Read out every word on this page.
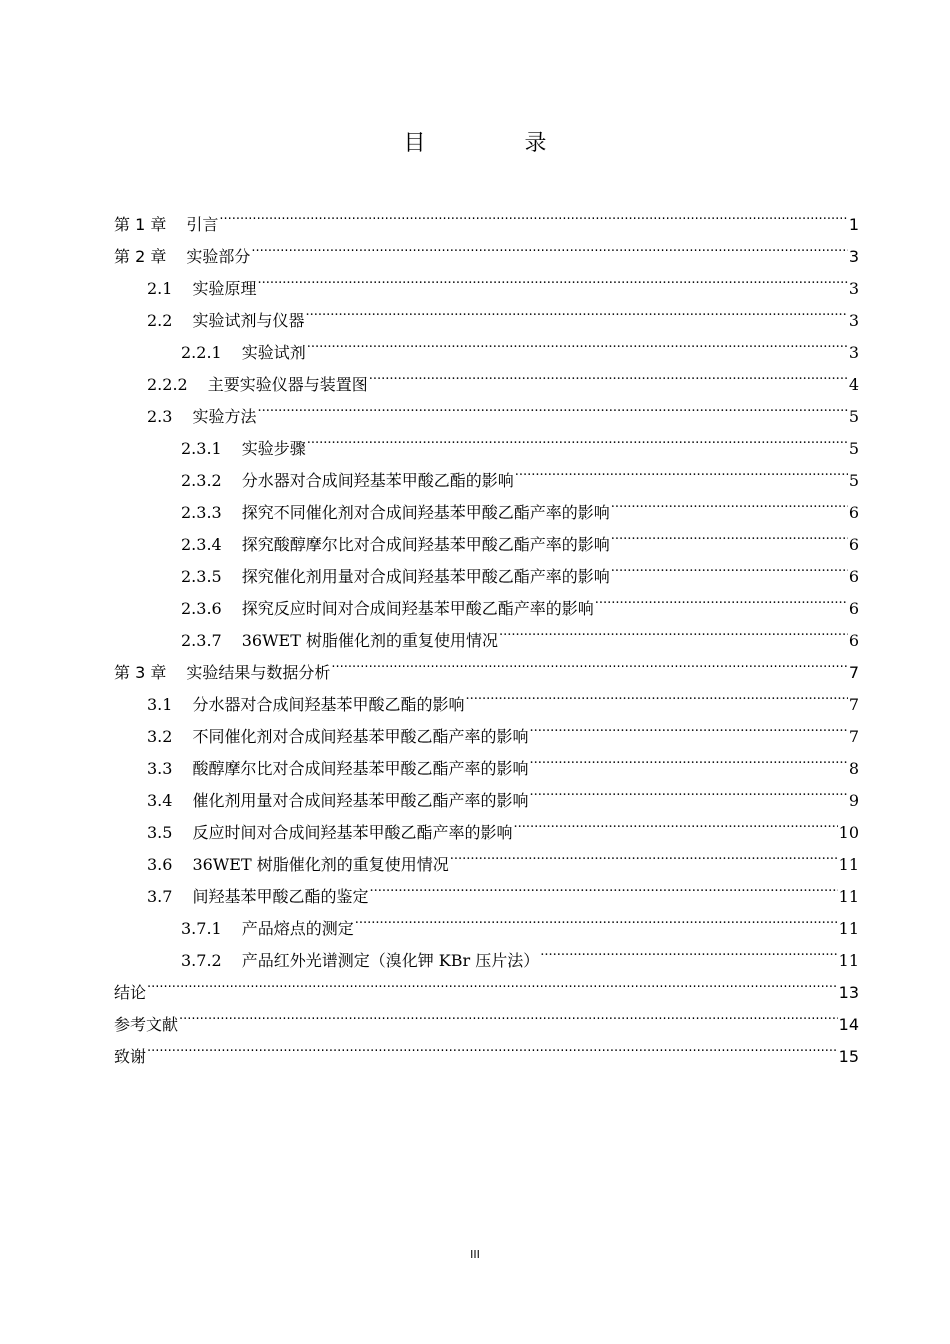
目 录
第 1 章 引言 .....	1
第 2 章 实验部分 .....	3
2.1 实验原理 .....	3
2.2 实验试剂与仪器 .....	3
2.2.1 实验试剂 .....	3
2.2.2 主要实验仪器与装置图 .....	4
2.3 实验方法 .....	5
2.3.1 实验步骤 .....	5
2.3.2 分水器对合成间羟基苯甲酸乙酯的影响 .....	5
2.3.3 探究不同催化剂对合成间羟基苯甲酸乙酯产率的影响 .....	6
2.3.4 探究酸醇摩尔比对合成间羟基苯甲酸乙酯产率的影响 .....	6
2.3.5 探究催化剂用量对合成间羟基苯甲酸乙酯产率的影响 .....	6
2.3.6 探究反应时间对合成间羟基苯甲酸乙酯产率的影响 .....	6
2.3.7 36WET 树脂催化剂的重复使用情况 .....	6
第 3 章 实验结果与数据分析 .....	7
3.1 分水器对合成间羟基苯甲酸乙酯的影响 .....	7
3.2 不同催化剂对合成间羟基苯甲酸乙酯产率的影响 .....	7
3.3 酸醇摩尔比对合成间羟基苯甲酸乙酯产率的影响 .....	8
3.4 催化剂用量对合成间羟基苯甲酸乙酯产率的影响 .....	9
3.5 反应时间对合成间羟基苯甲酸乙酯产率的影响 .....	10
3.6 36WET 树脂催化剂的重复使用情况 .....	11
3.7 间羟基苯甲酸乙酯的鉴定 .....	11
3.7.1 产品熔点的测定 .....	11
3.7.2 产品红外光谱测定（溴化钾 KBr 压片法） .....	11
结论 .....	13
参考文献 .....	14
致谢 .....	15
III
